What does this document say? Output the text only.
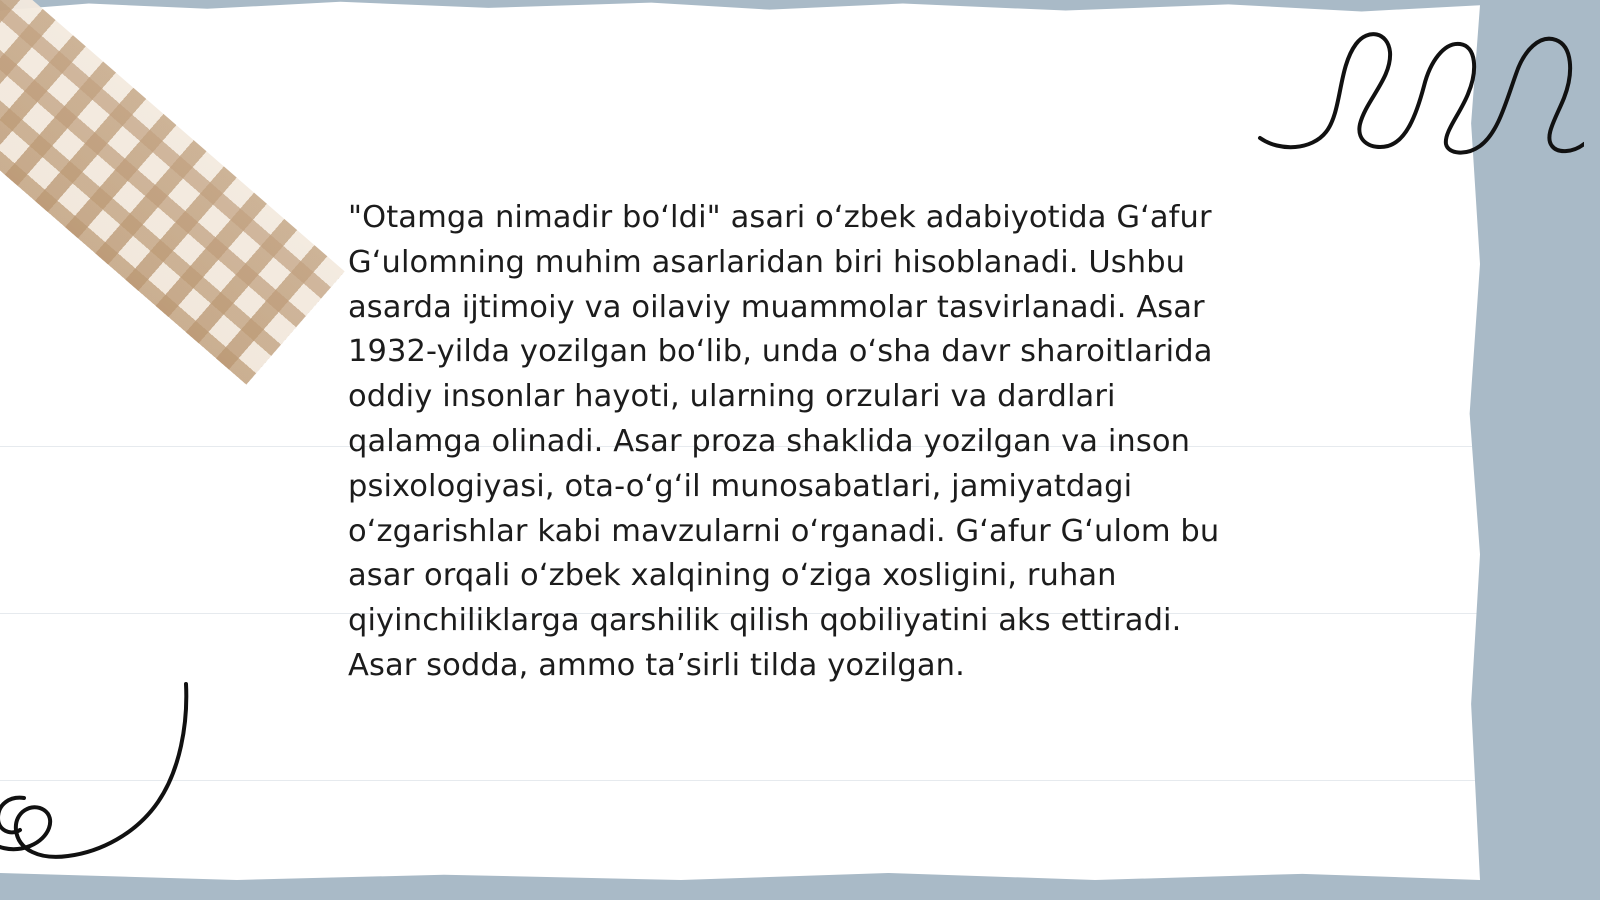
"Otamga nimadir bo‘ldi" asari o‘zbek adabiyotida G‘afur G‘ulomning muhim asarlaridan biri hisoblanadi. Ushbu asarda ijtimoiy va oilaviy muammolar tasvirlanadi. Asar 1932-yilda yozilgan bo‘lib, unda o‘sha davr sharoitlarida oddiy insonlar hayoti, ularning orzulari va dardlari qalamga olinadi. Asar proza shaklida yozilgan va inson psixologiyasi, ota-o‘g‘il munosabatlari, jamiyatdagi o‘zgarishlar kabi mavzularni o‘rganadi. G‘afur G‘ulom bu asar orqali o‘zbek xalqining o‘ziga xosligini, ruhan qiyinchiliklarga qarshilik qilish qobiliyatini aks ettiradi. Asar sodda, ammo ta’sirli tilda yozilgan.
